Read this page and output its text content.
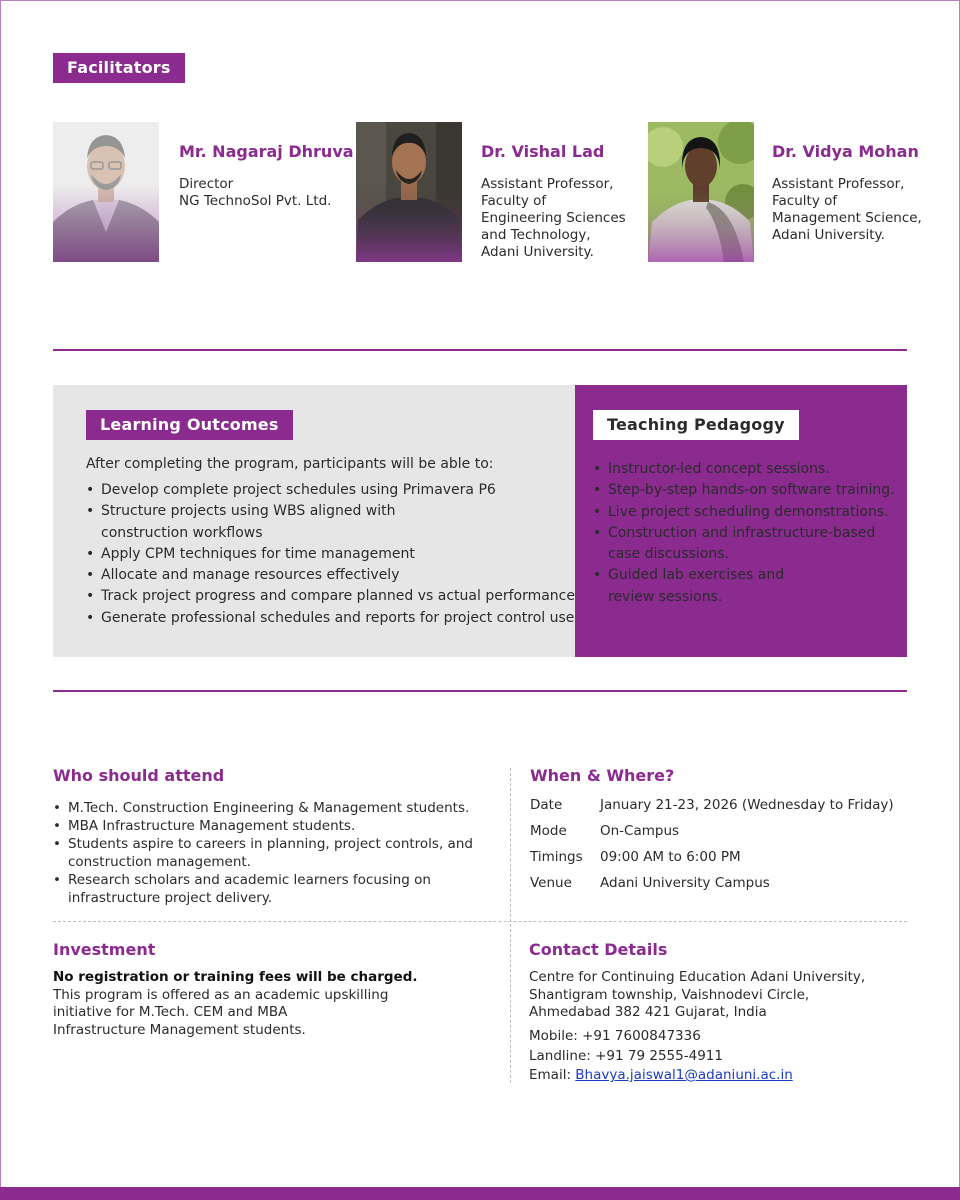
Facilitators
Mr. Nagaraj Dhruva
Director
NG TechnoSol Pvt. Ltd.
Dr. Vishal Lad
Assistant Professor,
Faculty of
Engineering Sciences
and Technology,
Adani University.
Dr. Vidya Mohan
Assistant Professor,
Faculty of
Management Science,
Adani University.
Learning Outcomes
After completing the program, participants will be able to:
• Develop complete project schedules using Primavera P6
• Structure projects using WBS aligned with
construction workflows
• Apply CPM techniques for time management
• Allocate and manage resources effectively
• Track project progress and compare planned vs actual performance
• Generate professional schedules and reports for project control use
Teaching Pedagogy
• Instructor-led concept sessions.
• Step-by-step hands-on software training.
• Live project scheduling demonstrations.
• Construction and infrastructure-based
case discussions.
• Guided lab exercises and
review sessions.
Who should attend
• M.Tech. Construction Engineering & Management students.
• MBA Infrastructure Management students.
• Students aspire to careers in planning, project controls, and
construction management.
• Research scholars and academic learners focusing on
infrastructure project delivery.
When & Where?
Date	January 21-23, 2026 (Wednesday to Friday)
Mode On-Campus
Timings 09:00 AM to 6:00 PM
Venue Adani University Campus
Investment
No registration or training fees will be charged.
This program is offered as an academic upskilling
initiative for M.Tech. CEM and MBA
Infrastructure Management students.
Contact Details
Centre for Continuing Education Adani University,
Shantigram township, Vaishnodevi Circle,
Ahmedabad 382 421 Gujarat, India
Mobile: +91 7600847336
Landline: +91 79 2555-4911
Email: Bhavya.jaiswal1@adaniuni.ac.in
